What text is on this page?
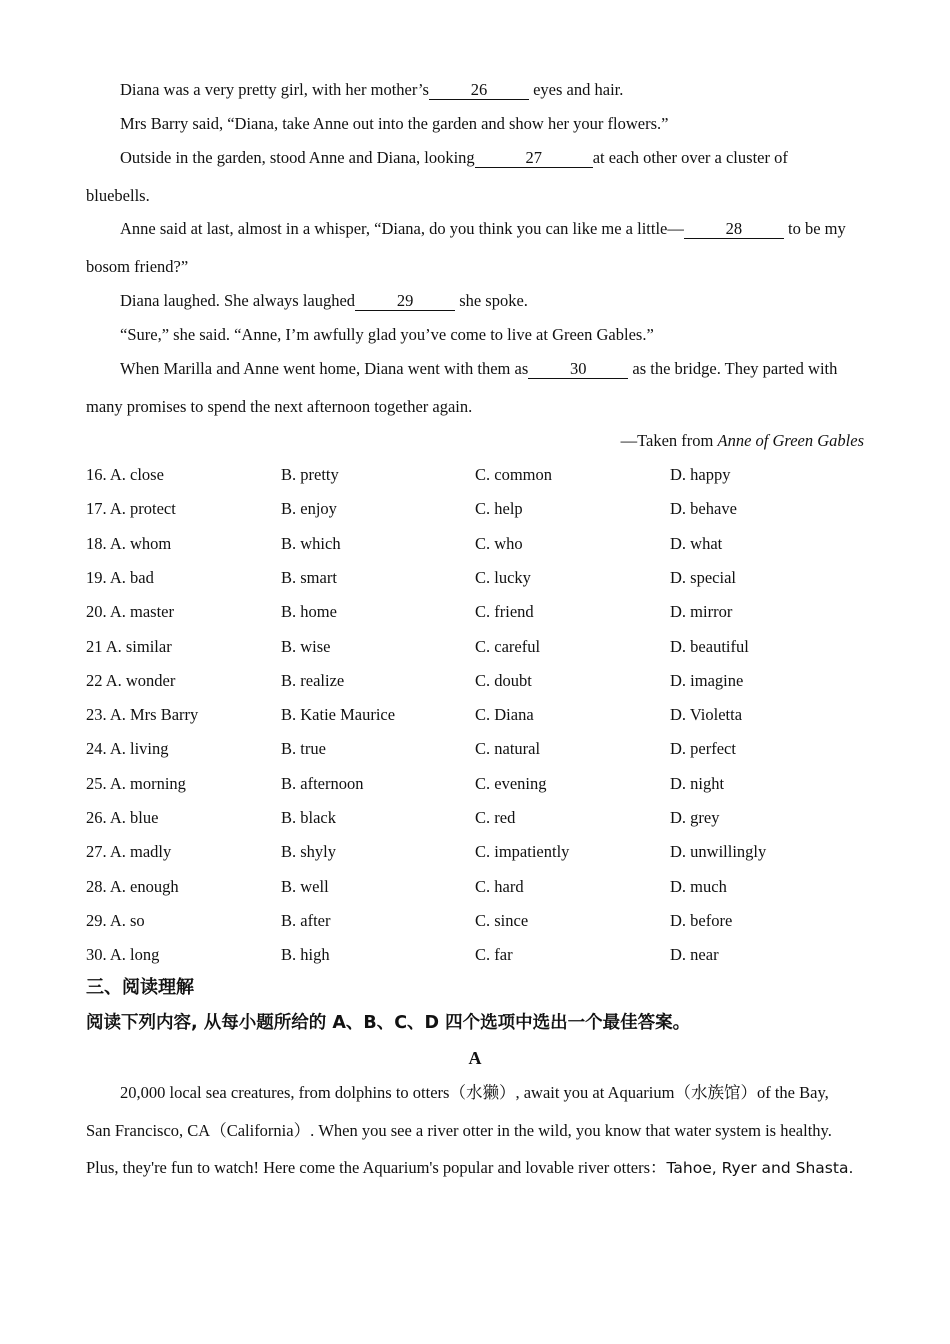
Diana was a very pretty girl, with her mother’s	26	eyes and hair.
Mrs Barry said, “Diana, take Anne out into the garden and show her your flowers.”
Outside in the garden, stood Anne and Diana, looking	27	at each other over a cluster of
bluebells.
Anne said at last, almost in a whisper, “Diana, do you think you can like me a little—	28	to be my
bosom friend?”
Diana laughed. She always laughed	29	she spoke.
“Sure,” she said. “Anne, I’m awfully glad you’ve come to live at Green Gables.”
When Marilla and Anne went home, Diana went with them as	30	as the bridge. They parted with
many promises to spend the next afternoon together again.
—Taken from Anne of Green Gables
16. A. close	B. pretty	C. common	D. happy
17. A. protect	B. enjoy	C. help	D. behave
18. A. whom	B. which	C. who	D. what
19. A. bad	B. smart	C. lucky	D. special
20. A. master	B. home	C. friend	D. mirror
21 A. similar	B. wise	C. careful	D. beautiful
22 A. wonder	B. realize	C. doubt	D. imagine
23. A. Mrs Barry	B. Katie Maurice	C. Diana	D. Violetta
24. A. living	B. true	C. natural	D. perfect
25. A. morning	B. afternoon	C. evening	D. night
26. A. blue	B. black	C. red	D. grey
27. A. madly	B. shyly	C. impatiently	D. unwillingly
28. A. enough	B. well	C. hard	D. much
29. A. so	B. after	C. since	D. before
30. A. long	B. high	C. far	D. near
三、阅读理解
阅读下列内容, 从每小题所给的 A、B、C、D 四个选项中选出一个最佳答案。
A
20,000 local sea creatures, from dolphins to otters（水獭）, await you at Aquarium（水族馆）of the Bay,
San Francisco, CA（California）. When you see a river otter in the wild, you know that water system is healthy.
Plus, they're fun to watch! Here come the Aquarium's popular and lovable river otters：Tahoe, Ryer and Shasta.
